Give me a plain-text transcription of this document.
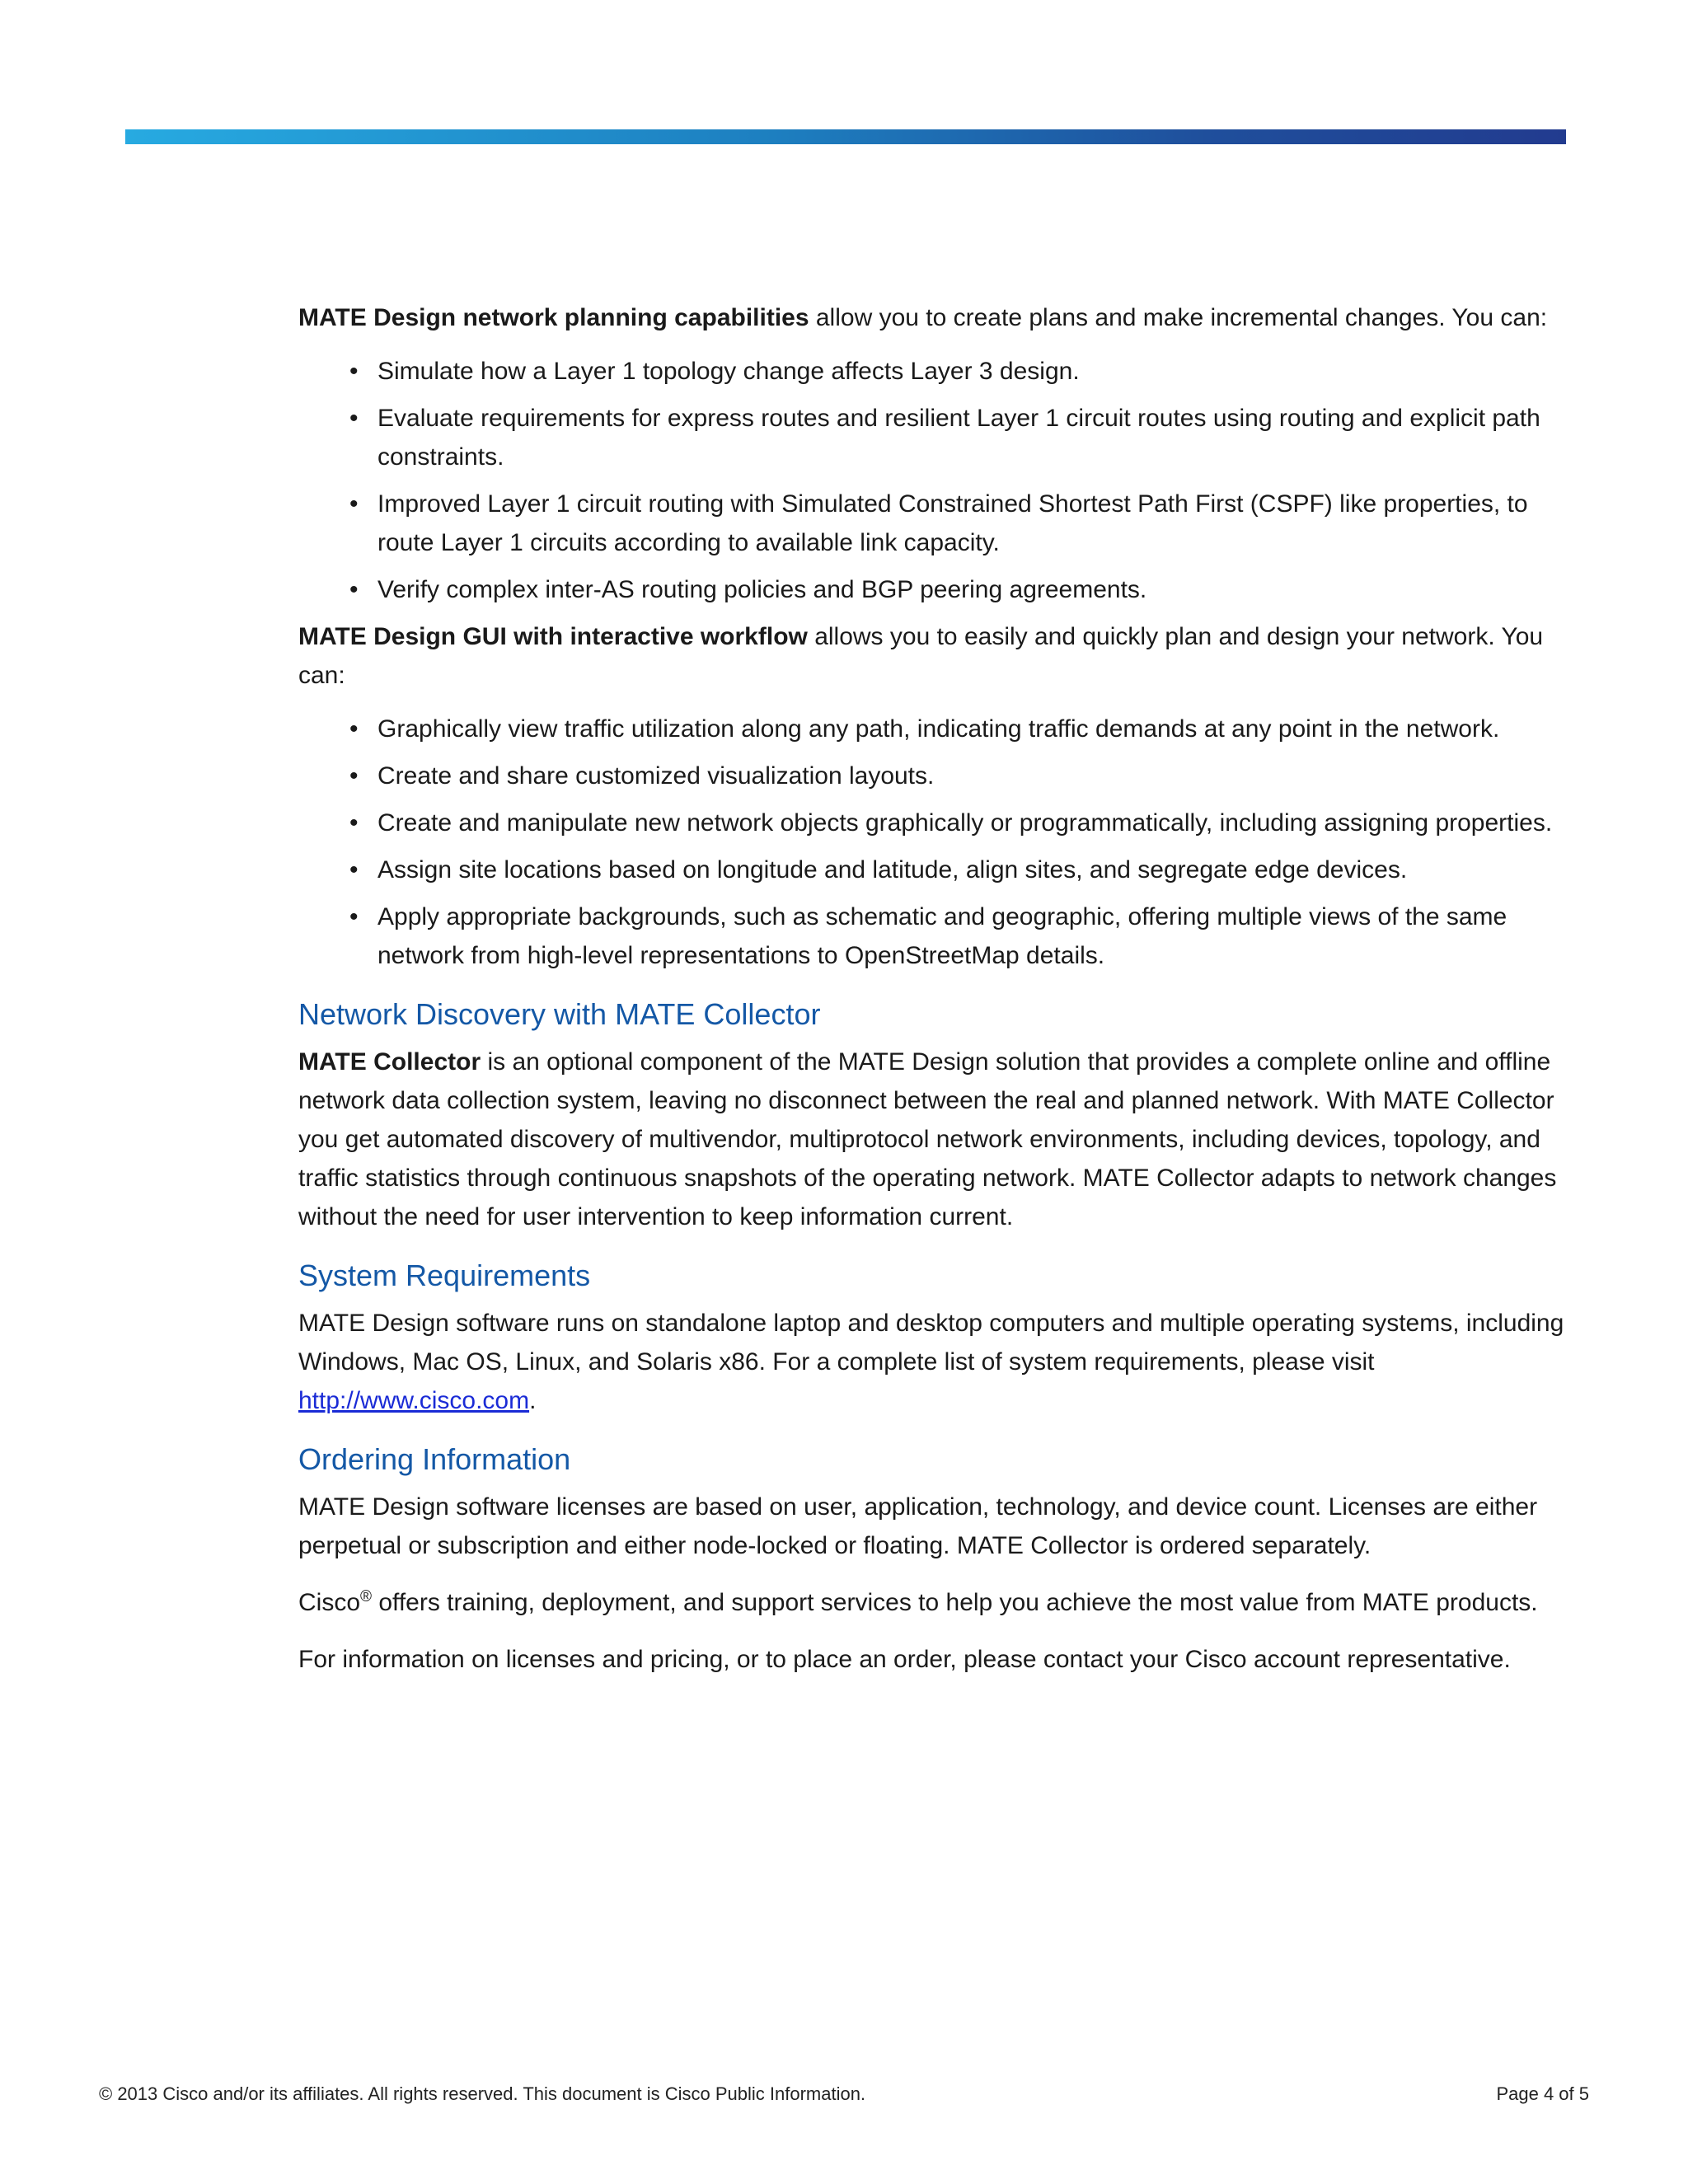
MATE Design network planning capabilities allow you to create plans and make incremental changes. You can:

• Simulate how a Layer 1 topology change affects Layer 3 design.
• Evaluate requirements for express routes and resilient Layer 1 circuit routes using routing and explicit path constraints.
• Improved Layer 1 circuit routing with Simulated Constrained Shortest Path First (CSPF) like properties, to route Layer 1 circuits according to available link capacity.
• Verify complex inter-AS routing policies and BGP peering agreements.

MATE Design GUI with interactive workflow allows you to easily and quickly plan and design your network. You can:

• Graphically view traffic utilization along any path, indicating traffic demands at any point in the network.
• Create and share customized visualization layouts.
• Create and manipulate new network objects graphically or programmatically, including assigning properties.
• Assign site locations based on longitude and latitude, align sites, and segregate edge devices.
• Apply appropriate backgrounds, such as schematic and geographic, offering multiple views of the same network from high-level representations to OpenStreetMap details.
Network Discovery with MATE Collector

MATE Collector is an optional component of the MATE Design solution that provides a complete online and offline network data collection system, leaving no disconnect between the real and planned network. With MATE Collector you get automated discovery of multivendor, multiprotocol network environments, including devices, topology, and traffic statistics through continuous snapshots of the operating network. MATE Collector adapts to network changes without the need for user intervention to keep information current.

System Requirements

MATE Design software runs on standalone laptop and desktop computers and multiple operating systems, including Windows, Mac OS, Linux, and Solaris x86. For a complete list of system requirements, please visit http://www.cisco.com.

Ordering Information

MATE Design software licenses are based on user, application, technology, and device count. Licenses are either perpetual or subscription and either node-locked or floating. MATE Collector is ordered separately.

Cisco® offers training, deployment, and support services to help you achieve the most value from MATE products.

For information on licenses and pricing, or to place an order, please contact your Cisco account representative.

© 2013 Cisco and/or its affiliates. All rights reserved. This document is Cisco Public Information.	Page 4 of 5
